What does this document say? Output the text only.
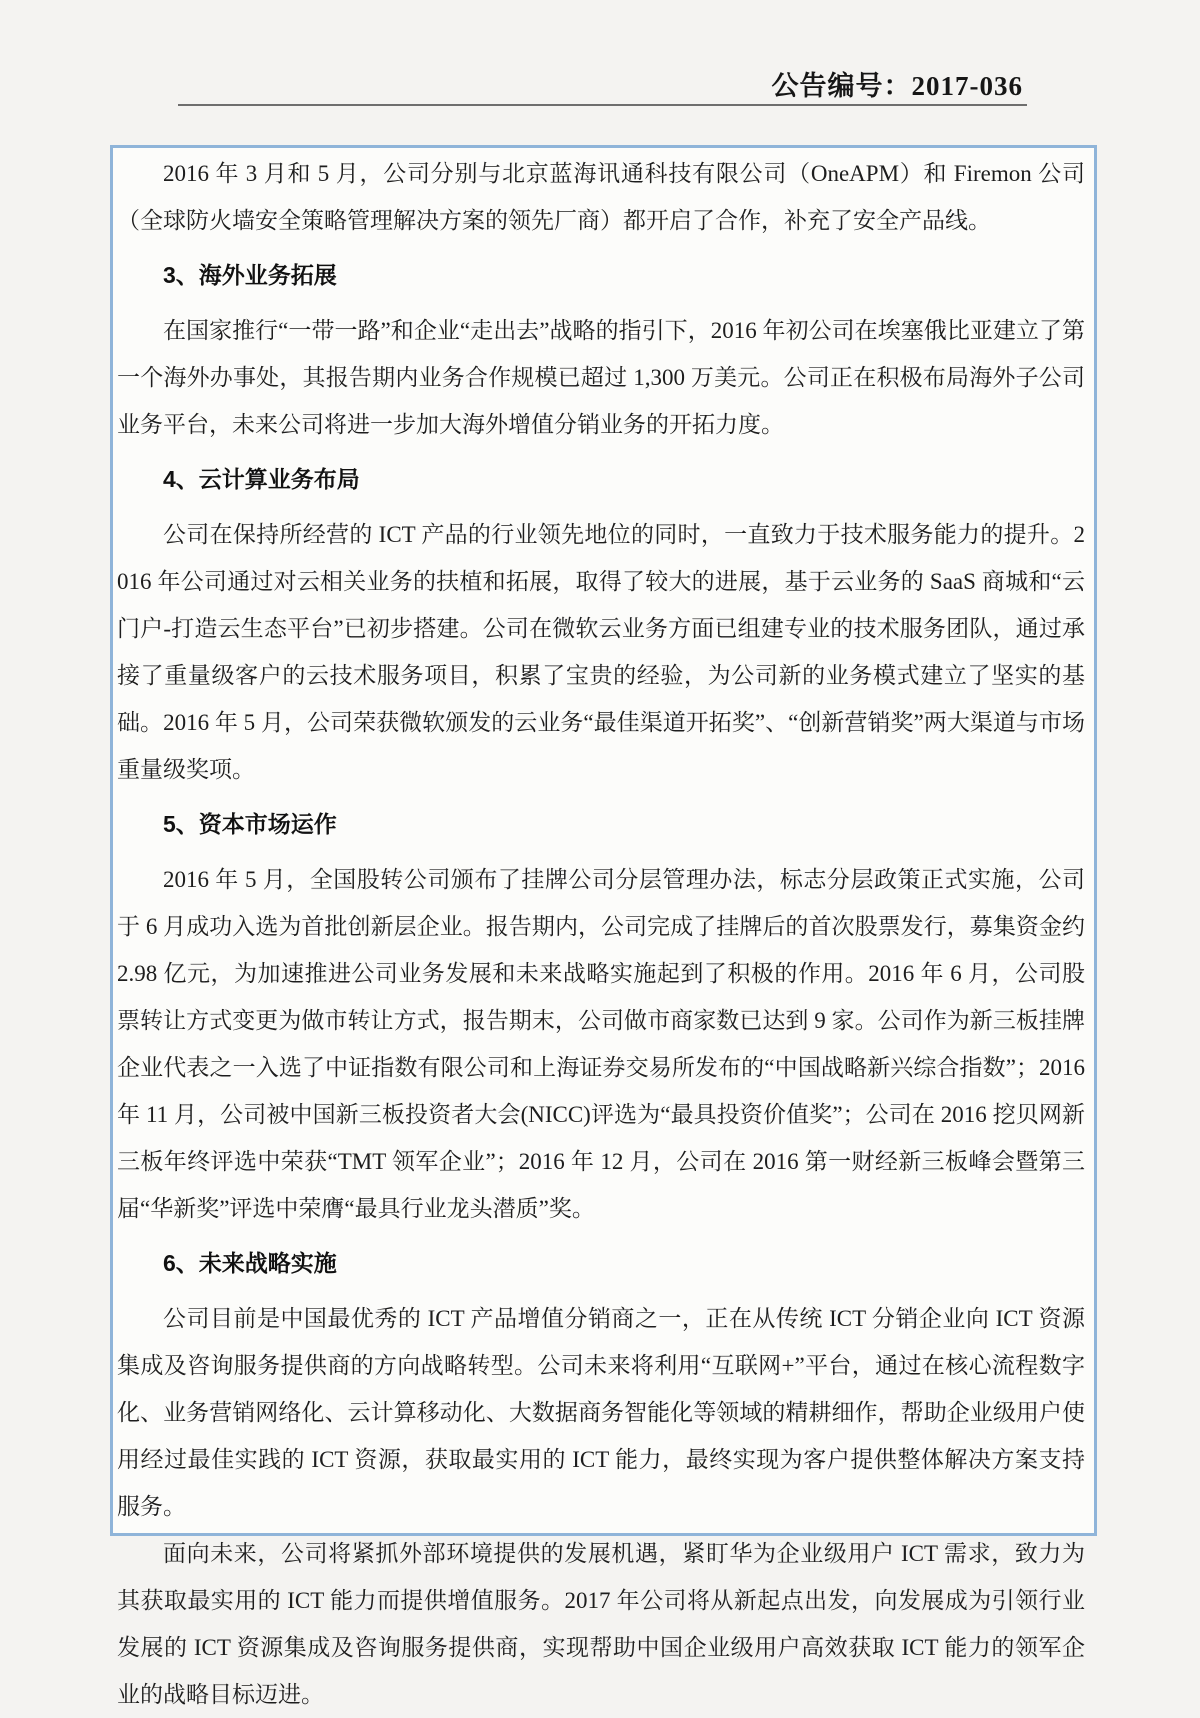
公告编号：2017-036

2016 年 3 月和 5 月，公司分别与北京蓝海讯通科技有限公司（OneAPM）和 Firemon 公司（全球防火墙安全策略管理解决方案的领先厂商）都开启了合作，补充了安全产品线。

3、海外业务拓展

在国家推行“一带一路”和企业“走出去”战略的指引下，2016 年初公司在埃塞俄比亚建立了第一个海外办事处，其报告期内业务合作规模已超过 1,300 万美元。公司正在积极布局海外子公司业务平台，未来公司将进一步加大海外增值分销业务的开拓力度。

4、云计算业务布局

公司在保持所经营的 ICT 产品的行业领先地位的同时，一直致力于技术服务能力的提升。2016 年公司通过对云相关业务的扶植和拓展，取得了较大的进展，基于云业务的 SaaS 商城和“云门户-打造云生态平台”已初步搭建。公司在微软云业务方面已组建专业的技术服务团队，通过承接了重量级客户的云技术服务项目，积累了宝贵的经验，为公司新的业务模式建立了坚实的基础。2016 年 5 月，公司荣获微软颁发的云业务“最佳渠道开拓奖”、“创新营销奖”两大渠道与市场重量级奖项。

5、资本市场运作

2016 年 5 月，全国股转公司颁布了挂牌公司分层管理办法，标志分层政策正式实施，公司于 6 月成功入选为首批创新层企业。报告期内，公司完成了挂牌后的首次股票发行，募集资金约 2.98 亿元，为加速推进公司业务发展和未来战略实施起到了积极的作用。2016 年 6 月，公司股票转让方式变更为做市转让方式，报告期末，公司做市商家数已达到 9 家。公司作为新三板挂牌企业代表之一入选了中证指数有限公司和上海证券交易所发布的“中国战略新兴综合指数”；2016 年 11 月，公司被中国新三板投资者大会(NICC)评选为“最具投资价值奖”；公司在 2016 挖贝网新三板年终评选中荣获“TMT 领军企业”；2016 年 12 月，公司在 2016 第一财经新三板峰会暨第三届“华新奖”评选中荣膺“最具行业龙头潜质”奖。

6、未来战略实施

公司目前是中国最优秀的 ICT 产品增值分销商之一，正在从传统 ICT 分销企业向 ICT 资源集成及咨询服务提供商的方向战略转型。公司未来将利用“互联网+”平台，通过在核心流程数字化、业务营销网络化、云计算移动化、大数据商务智能化等领域的精耕细作，帮助企业级用户使用经过最佳实践的 ICT 资源，获取最实用的 ICT 能力，最终实现为客户提供整体解决方案支持服务。

面向未来，公司将紧抓外部环境提供的发展机遇，紧盯华为企业级用户 ICT 需求，致力为其获取最实用的 ICT 能力而提供增值服务。2017 年公司将从新起点出发，向发展成为引领行业发展的 ICT 资源集成及咨询服务提供商，实现帮助中国企业级用户高效获取 ICT 能力的领军企业的战略目标迈进。
